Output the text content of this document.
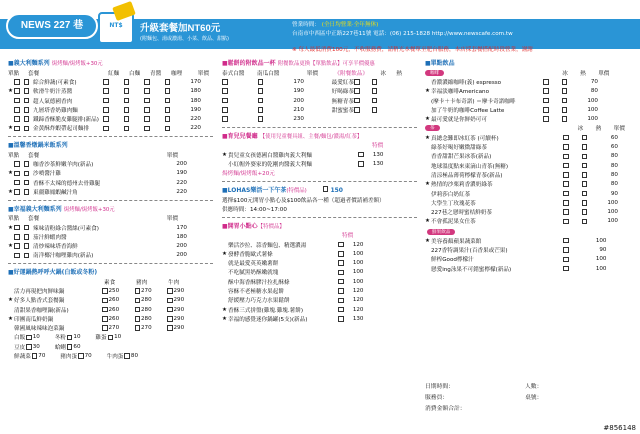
NEWS 227 巷	NT$	升級套餐加NT60元
(附麵包、湯或濃湯、小菜、飲品、甜點)
營業時間： (全日均營業·全年無休)
台南市中西區中正路227巷11號 電話：(06) 215-1828 http://www.newscafe.com.tw
※ 每人最低消費100元，不收服務費，請稍光本餐單至肥台服務，本店採套餐搭配時段營業，謝謝
■義大利麵系列 焗烤麵/焗烤飯+30元
單點	套餐	紅麵	白麵	青醬	咖哩	單價
綜合鮮蔬(可素食)	170
★	軟滑牛奶汁蒸醬	180
超人氣德國香肉	180
九層塔香奶雞肉麵	190
鐵蹄香酥脆皮雞腿排(新品)	220
★	金黃酥炸蝦帶起司麵排	220
■溫馨香燉鍋米飯系列
單點	套餐	單價
咖香沙茶鮮嫩羊肉(新品)	200
★	沙噴醬汁雞	190
香酥不太辣的德州去骨雞腿	220
★	東疆雞鳳蝦鹹汁角	220
■幸福義大利麵系列 焗烤麵/焗烤飯+30元
單點	套餐	單價
★	辣味清粉綠合醬絲(可素食)	170
茄汁鮮蝦肉醬	180
★	清炒辣味塔香海鮮	200
南洋椰汁咖哩雞肉(新品)	200
■好運鍋熱呼呼火鍋(白飯或冬粉)
素食	豬肉	牛肉
活力再現把肉鮮味鍋	250	270	290
★ 好多人點香式套餐鍋	260	280	290
清甜果香咖哩鍋(新品)	260	280	290
★ 印團南瓜鮮奶鍋	260	280	290
韓國風味辣味泡菜鍋	270	270	290
白飯 10	冬粉 10	雞蛋 10
豆皮 30	蛤蜊 60
鮮蔬菜 70	豬肉蛋 70	牛肉蛋 80
■鬆餅的附飲品一杯 附餐飲品更換【單點飲品】可享半價優惠
泰式白醬	南瓜白醬	單價	《附餐飲品》	冰	熱
170	最愛紅茶
190	好喝綠茶
200	無糖青茶
210	甜蜜蜜茶
230
■育兒兒餐廳 【使用兒童餐具組、主餐/麵包/濃湯/紅茶】
特價
★ 貴兒童女孩德國白醬雞肉義大利麵	130
小紅帽外婆家的乾剛肉醬義大利麵	130
焗烤麵/焗烤飯+20元
■LOHAS樂活一下午茶(特價品)	150
選擇$100元開胃小點心及$100飲品各一種（超過者價請補差額）
供應時間：14:00~17:00
■開胃小點心【特價品】
特價
樂活沙拉、蒜香麵包、精選濃湯	120
★ 發酵香脆歐式薯條	100
就是最愛英英嫩薯餅	100
不吃膩黑奶酥嫩就塊	100
酥中海香酥膠汁拉扎酥條	100
容酥不老極糖水果起餅	120
舒緩壓力巧克力水果鬆餅	120
★ 香酥三式拼盤(雞塊.雞塊.薯餅)	120
★ 幸福的感覺迷你鍋罐(5支)(新品)	130
■單點飲品
咖啡	冰	熱	單價
香濃濃縮咖啡(義) espresso	70
★ 幸福淡咖啡Americano	80
(摩卡＋卡布奇諾) ＝摩卡奇諾咖啡	100
加了牛奶的咖啡Coffee Latte	100
★ 最可愛就是你鮮奶可可	100
茶	冰	熱	單價
★ 真總念難即冰紅茶 (可續杯)	60
綠茶好喝好嫩微甜綠茶	60
香香甜甜芒果冰茶(新品)	80
地球溫度點來東滴山青茶(無糖)	80
清涼極品薄荷檸檬青茶(新品)	80
★ 熱情的沙栗莉香濃奶綠茶	80
伊莉莎白奶紅茶	90
大學生丁玫瑰花茶	100
227巷之戀時蜜桔鮮奶茶	100
★ 不會孤泥果女仕茶	100
鮮果飲品
★ 美容養顏蘋果蔬菜館	100
227香特調果汁(百香果或芒果)	90
鮮榨Good檸檬汁	100
戀愛ing泳果不可錯蜜檸檬(新品)	100
日期時間：	人數：
服務員：	桌號：
消費金額合計：
#856148
